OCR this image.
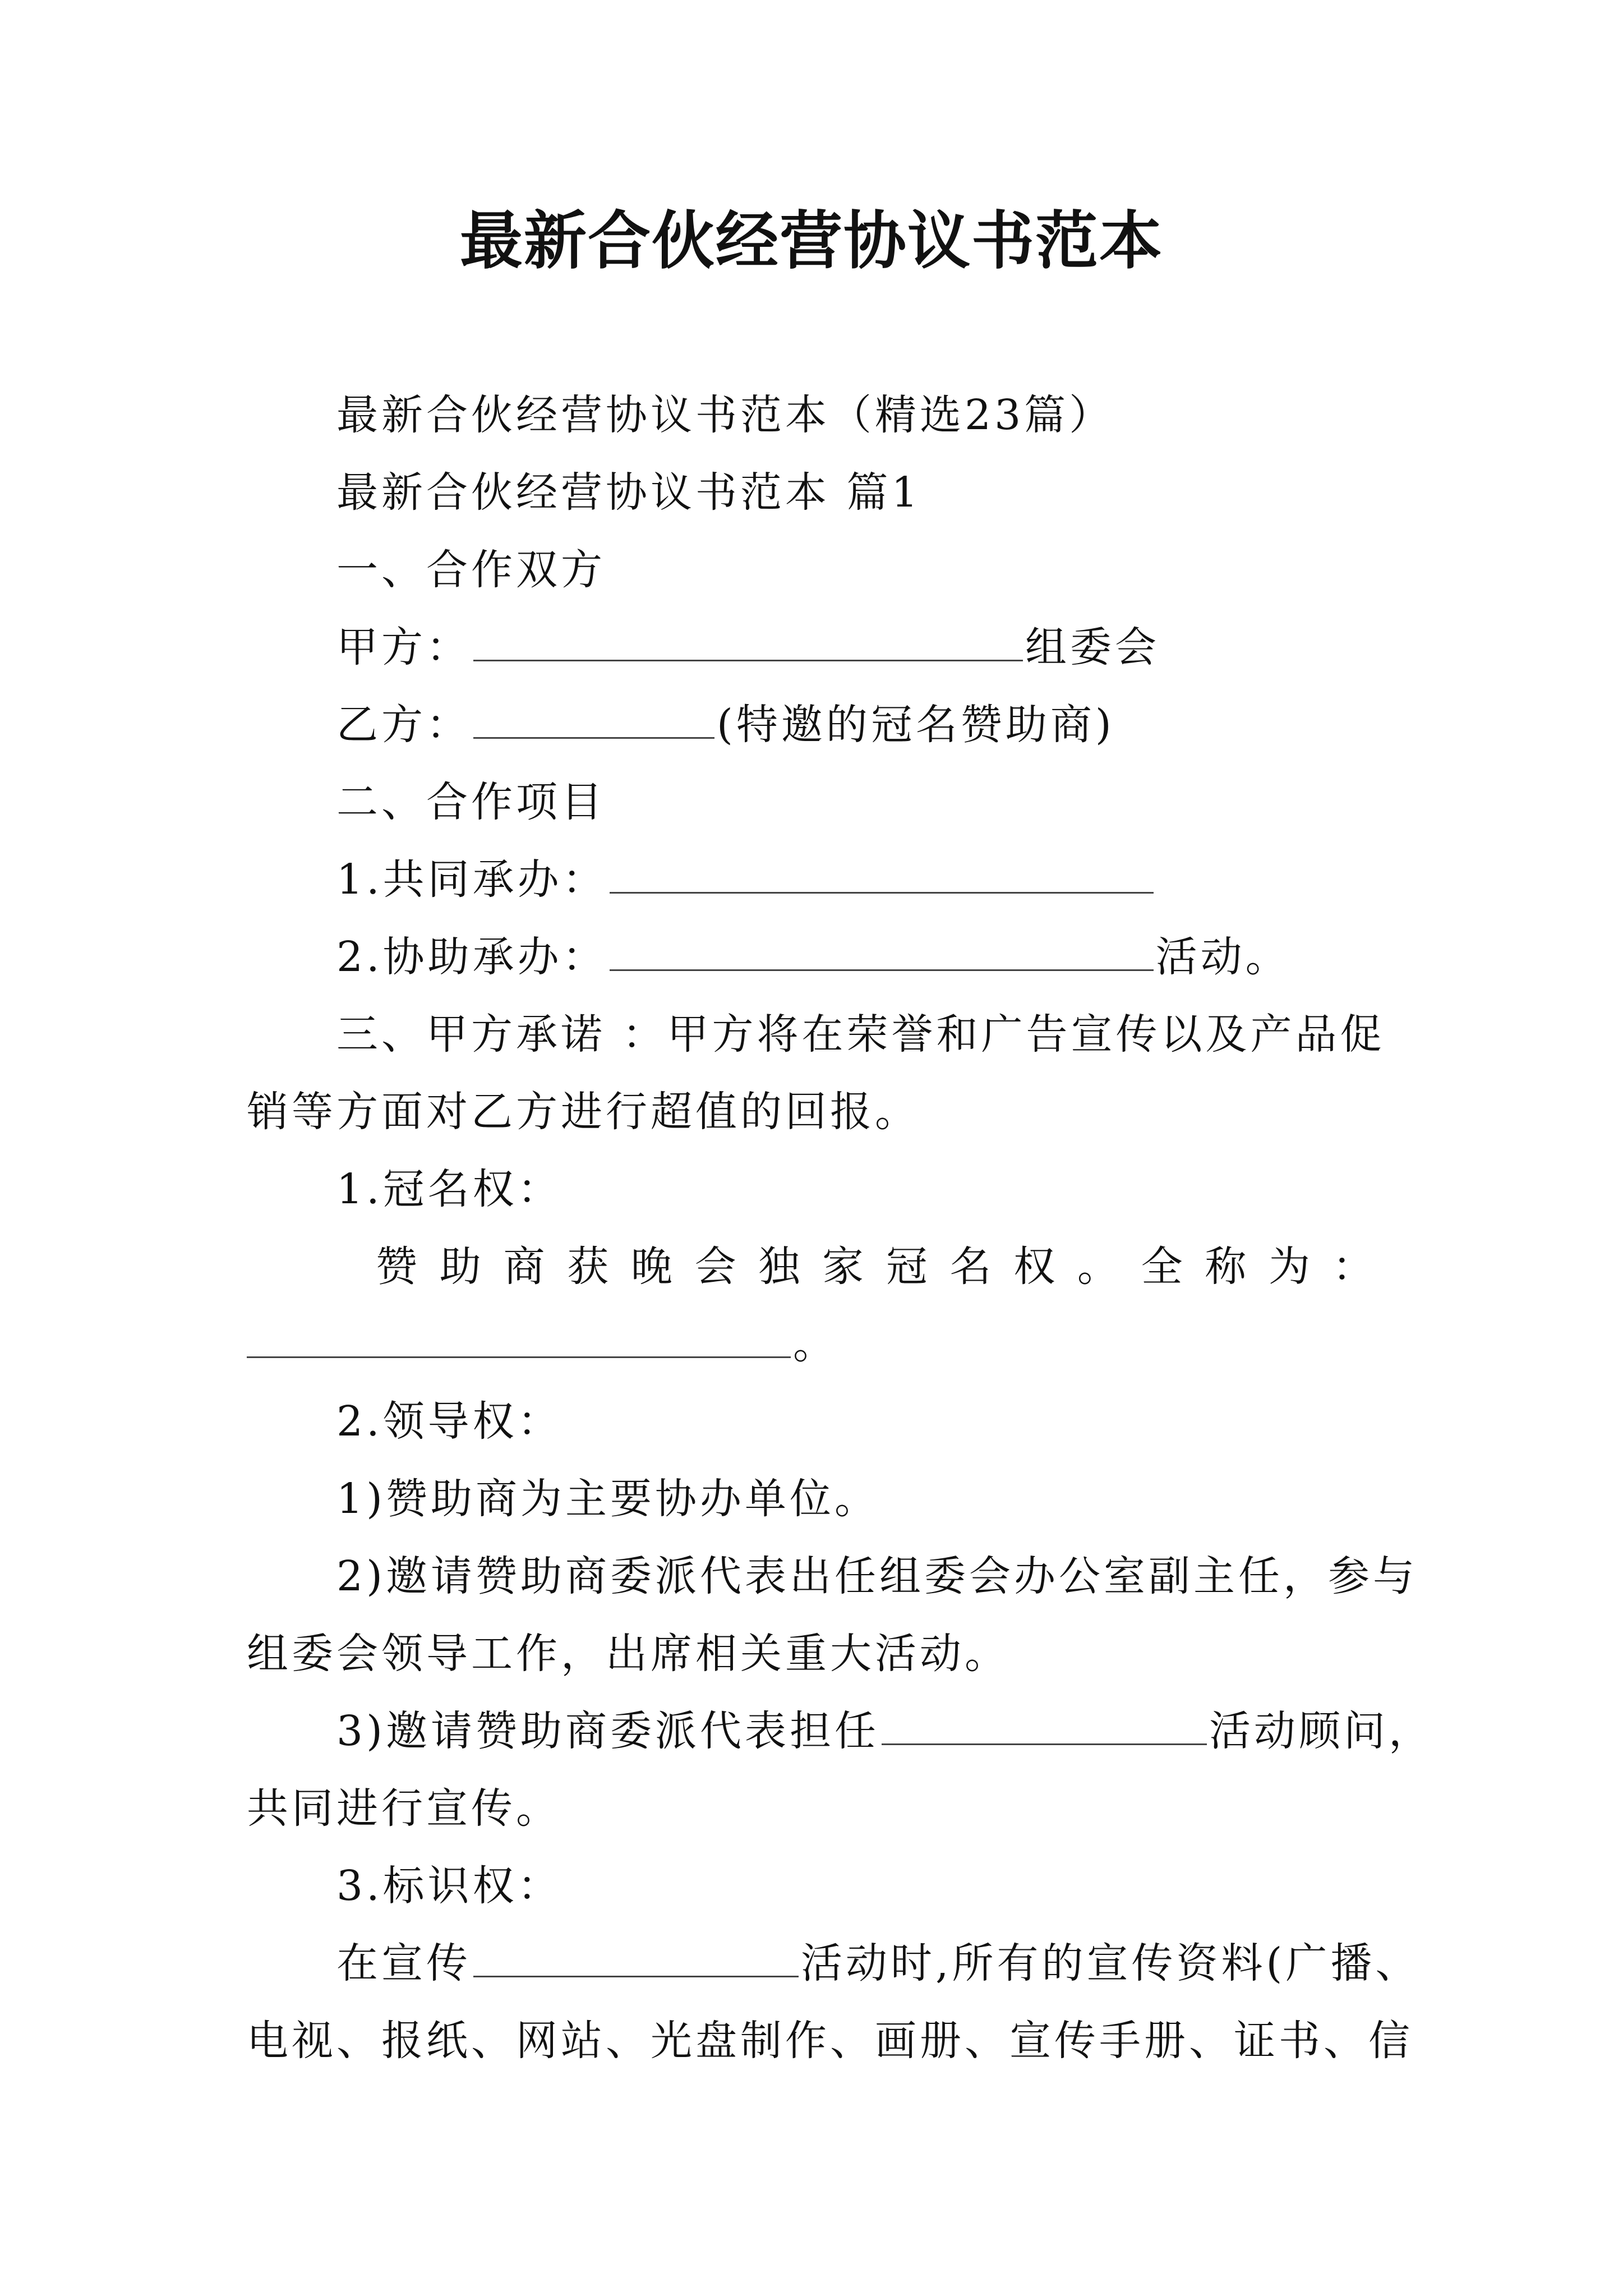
最新合伙经营协议书范本
最新合伙经营协议书范本（精选23篇）
最新合伙经营协议书范本 篇1
一、合作双方
甲方：	组委会
乙方：	(特邀的冠名赞助商)
二、合作项目
1.共同承办：
2.协助承办：	活动。
三、甲方承诺 ：甲方将在荣誉和广告宣传以及产品促
销等方面对乙方进行超值的回报。
1.冠名权：
赞 助 商 获 晚 会 独 家 冠 名 权 。 全 称 为 ：
。
2.领导权：
1)赞助商为主要协办单位。
2)邀请赞助商委派代表出任组委会办公室副主任，参与
组委会领导工作，出席相关重大活动。
3)邀请赞助商委派代表担任	活动顾问，
共同进行宣传。
3.标识权：
在宣传	活动时,所有的宣传资料(广播、
电视、报纸、网站、光盘制作、画册、宣传手册、证书、信
